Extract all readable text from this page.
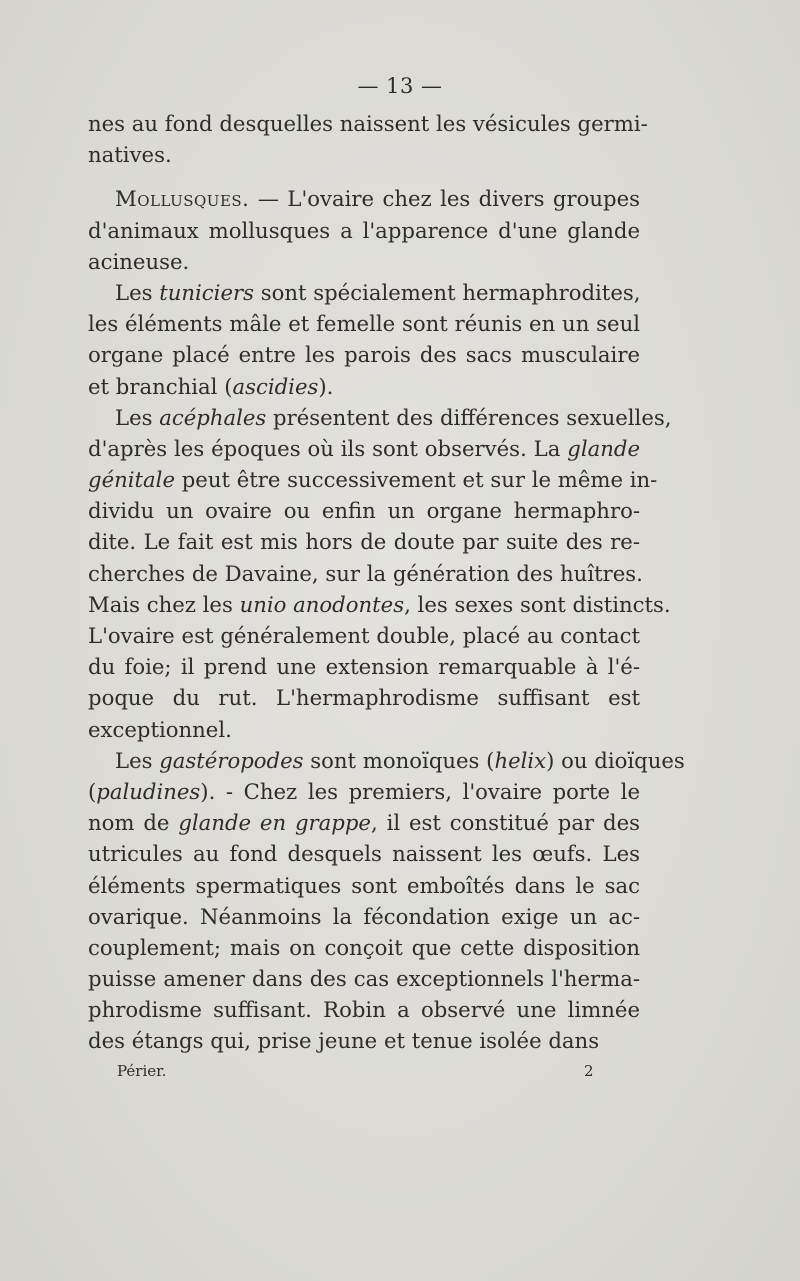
— 13 —
nes au fond desquelles naissent les vésicules germi-
natives.
Mollusques. — L'ovaire chez les divers groupes
d'animaux mollusques a l'apparence d'une glande
acineuse.
Les tuniciers sont spécialement hermaphrodites,
les éléments mâle et femelle sont réunis en un seul
organe placé entre les parois des sacs musculaire
et branchial (ascidies).
Les acéphales présentent des différences sexuelles,
d'après les époques où ils sont observés. La glande
génitale peut être successivement et sur le même in-
dividu un ovaire ou enfin un organe hermaphro-
dite. Le fait est mis hors de doute par suite des re-
cherches de Davaine, sur la génération des huîtres.
Mais chez les unio anodontes, les sexes sont distincts.
L'ovaire est généralement double, placé au contact
du foie; il prend une extension remarquable à l'é-
poque du rut. L'hermaphrodisme suffisant est
exceptionnel.
Les gastéropodes sont monoïques (helix) ou dioïques
(paludines). - Chez les premiers, l'ovaire porte le
nom de glande en grappe, il est constitué par des
utricules au fond desquels naissent les œufs. Les
éléments spermatiques sont emboîtés dans le sac
ovarique. Néanmoins la fécondation exige un ac-
couplement; mais on conçoit que cette disposition
puisse amener dans des cas exceptionnels l'herma-
phrodisme suffisant. Robin a observé une limnée
des étangs qui, prise jeune et tenue isolée dans
Périer.	2
